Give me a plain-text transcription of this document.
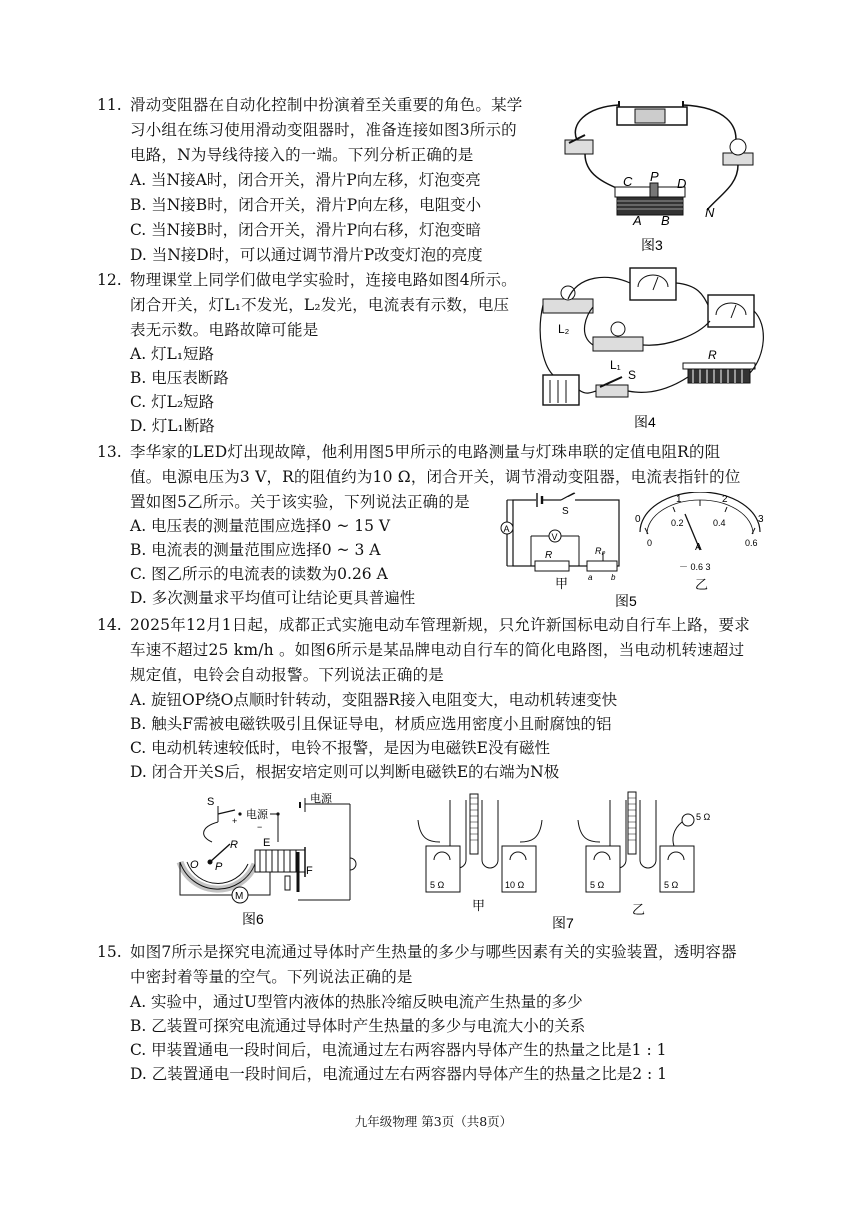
11. 滑动变阻器在自动化控制中扮演着至关重要的角色。某学
习小组在练习使用滑动变阻器时，准备连接如图3所示的
电路，N为导线待接入的一端。下列分析正确的是
A. 当N接A时，闭合开关，滑片P向左移，灯泡变亮
B. 当N接B时，闭合开关，滑片P向左移，电阻变小
C. 当N接B时，闭合开关，滑片P向右移，灯泡变暗
D. 当N接D时，可以通过调节滑片P改变灯泡的亮度
C P D
A B
N
图3
12. 物理课堂上同学们做电学实验时，连接电路如图4所示。
闭合开关，灯L₁不发光，L₂发光，电流表有示数，电压
表无示数。电路故障可能是
A. 灯L₁短路
B. 电压表断路
C. 灯L₂短路
D. 灯L₁断路
L₂
L₁
S
R
图4
13. 李华家的LED灯出现故障，他利用图5甲所示的电路测量与灯珠串联的定值电阻R的阻
值。电源电压为3 V，R的阻值约为10 Ω，闭合开关，调节滑动变阻器，电流表指针的位
置如图5乙所示。关于该实验，下列说法正确的是
A. 电压表的测量范围应选择0 ~ 15 V
B. 电流表的测量范围应选择0 ~ 3 A
C. 图乙所示的电流表的读数为0.26 A
D. 多次测量求平均值可让结论更具普遍性
S
A
V
R	Rₚ
a b
甲
1	2
0	3
0.2	0.4
0	0.6
A
－ 0.6 3
乙
图5
14. 2025年12月1日起，成都正式实施电动车管理新规，只允许新国标电动自行车上路，要求
车速不超过25 km/h 。如图6所示是某品牌电动自行车的简化电路图，当电动机转速超过
规定值，电铃会自动报警。下列说法正确的是
A. 旋钮OP绕O点顺时针转动，变阻器R接入电阻变大，电动机转速变快
B. 触头F需被电磁铁吸引且保证导电，材质应选用密度小且耐腐蚀的铝
C. 电动机转速较低时，电铃不报警，是因为电磁铁E没有磁性
D. 闭合开关S后，根据安培定则可以判断电磁铁E的右端为N极
S
电源
+
−
O P
R E
F
电源
M
图6
5 Ω	10 Ω
甲
5 Ω
5 Ω	5 Ω
乙
图7
15. 如图7所示是探究电流通过导体时产生热量的多少与哪些因素有关的实验装置，透明容器
中密封着等量的空气。下列说法正确的是
A. 实验中，通过U型管内液体的热胀冷缩反映电流产生热量的多少
B. 乙装置可探究电流通过导体时产生热量的多少与电流大小的关系
C. 甲装置通电一段时间后，电流通过左右两容器内导体产生的热量之比是1 : 1
D. 乙装置通电一段时间后，电流通过左右两容器内导体产生的热量之比是2 : 1
九年级物理 第3页（共8页）
